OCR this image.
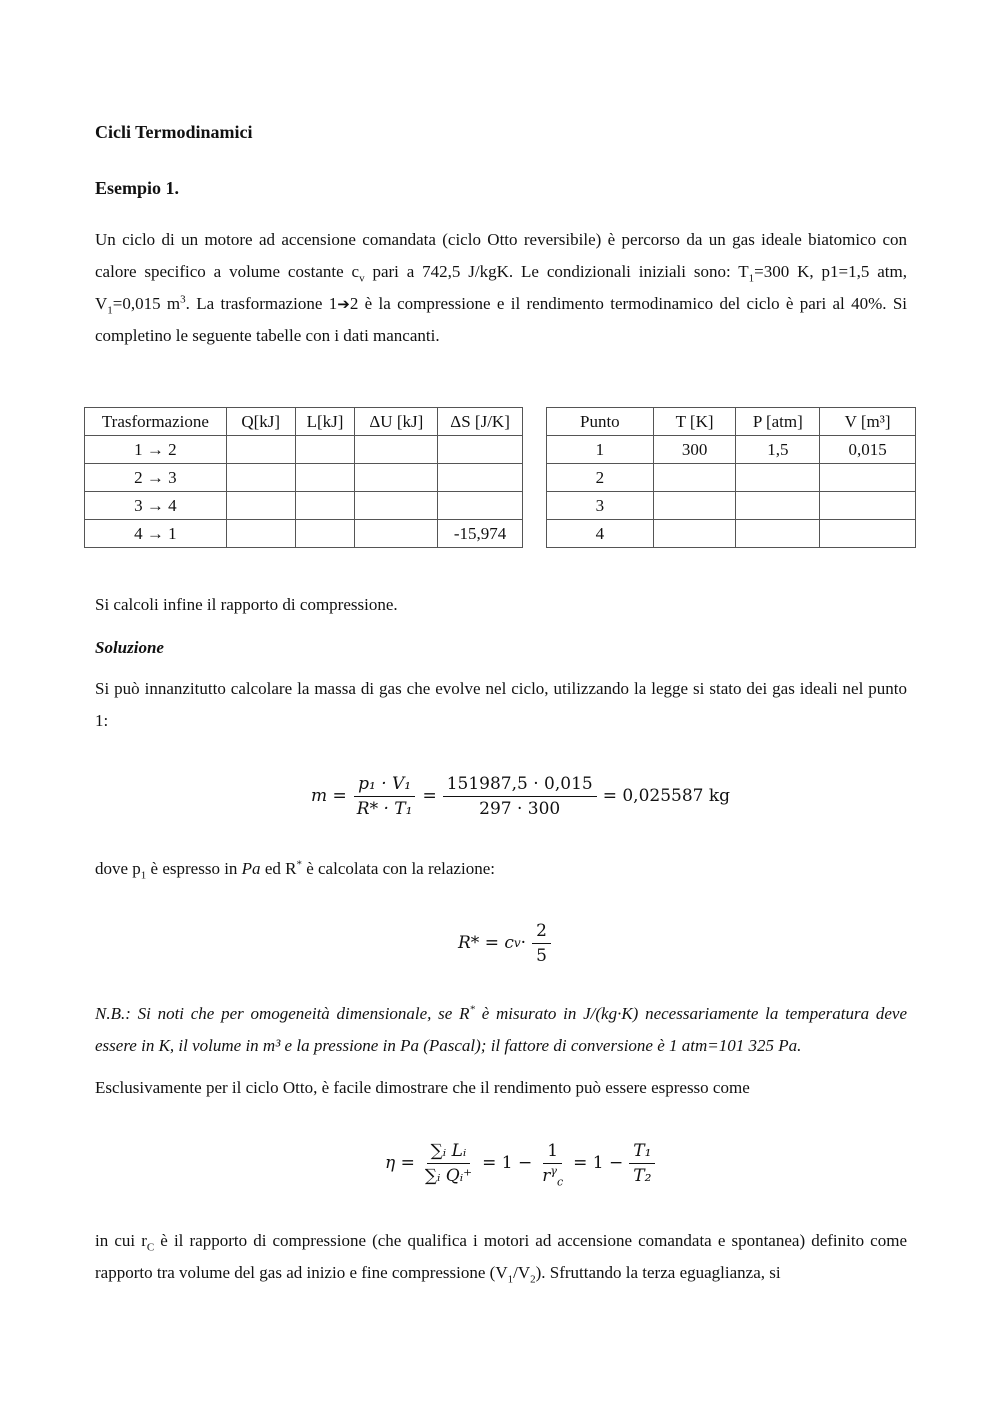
Cicli Termodinamici
Esempio 1.
Un ciclo di un motore ad accensione comandata (ciclo Otto reversibile) è percorso da un gas ideale biatomico con calore specifico a volume costante $c_v$ pari a 742,5 J/kgK. Le condizionali iniziali sono: $T_1=300$ K, p1=1,5 atm, $V_1=0,015$ $m^3$. La trasformazione 1➔2 è la compressione e il rendimento termodinamico del ciclo è pari al 40%. Si completino le seguente tabelle con i dati mancanti.
Trasformazione	Q[kJ]	L[kJ]	ΔU [kJ]	ΔS [J/K]
1 → 2				
2 → 3				
3 → 4				
4 → 1				-15,974
Punto	T [K]	P [atm]	V [m³]
1	300	1,5	0,015
2			
3			
4			
Si calcoli infine il rapporto di compressione.
Soluzione
Si può innanzitutto calcolare la massa di gas che evolve nel ciclo, utilizzando la legge si stato dei gas ideali nel punto 1:
$m = \frac{\text{p₁ · V₁}}{\text{R* · T₁}} = \frac{151987,5 \cdot 0,015}{297 \cdot 300} = 0,025587$ kg
dove $p_1$ è espresso in Pa ed R* è calcolata con la relazione:
R* = c $v \cdot \frac{2}{5}$
N.B.: Si noti che per omogeneità dimensionale, se R* è misurato in J/(kg·K) necessariamente la temperatura deve essere in K, il volume in m³ e la pressione in Pa (Pascal); il fattore di conversione è 1 atm=101 325 Pa.
Esclusivamente per il ciclo Otto, è facile dimostrare che il rendimento può essere espresso come
$\eta = \frac{\text{∑ᵢ Lᵢ}}{\text{∑ᵢ Qᵢ⁺}} = 1 - \frac{1}{r^\gamma_c} = 1 - \frac{\text{T₁}}{\text{T₂}}$
in cui $r_C$ è il rapporto di compressione (che qualifica i motori ad accensione comandata e spontanea) definito come rapporto tra volume del gas ad inizio e fine compressione $(V_1/V_2)$. Sfruttando la terza eguaglianza, si
